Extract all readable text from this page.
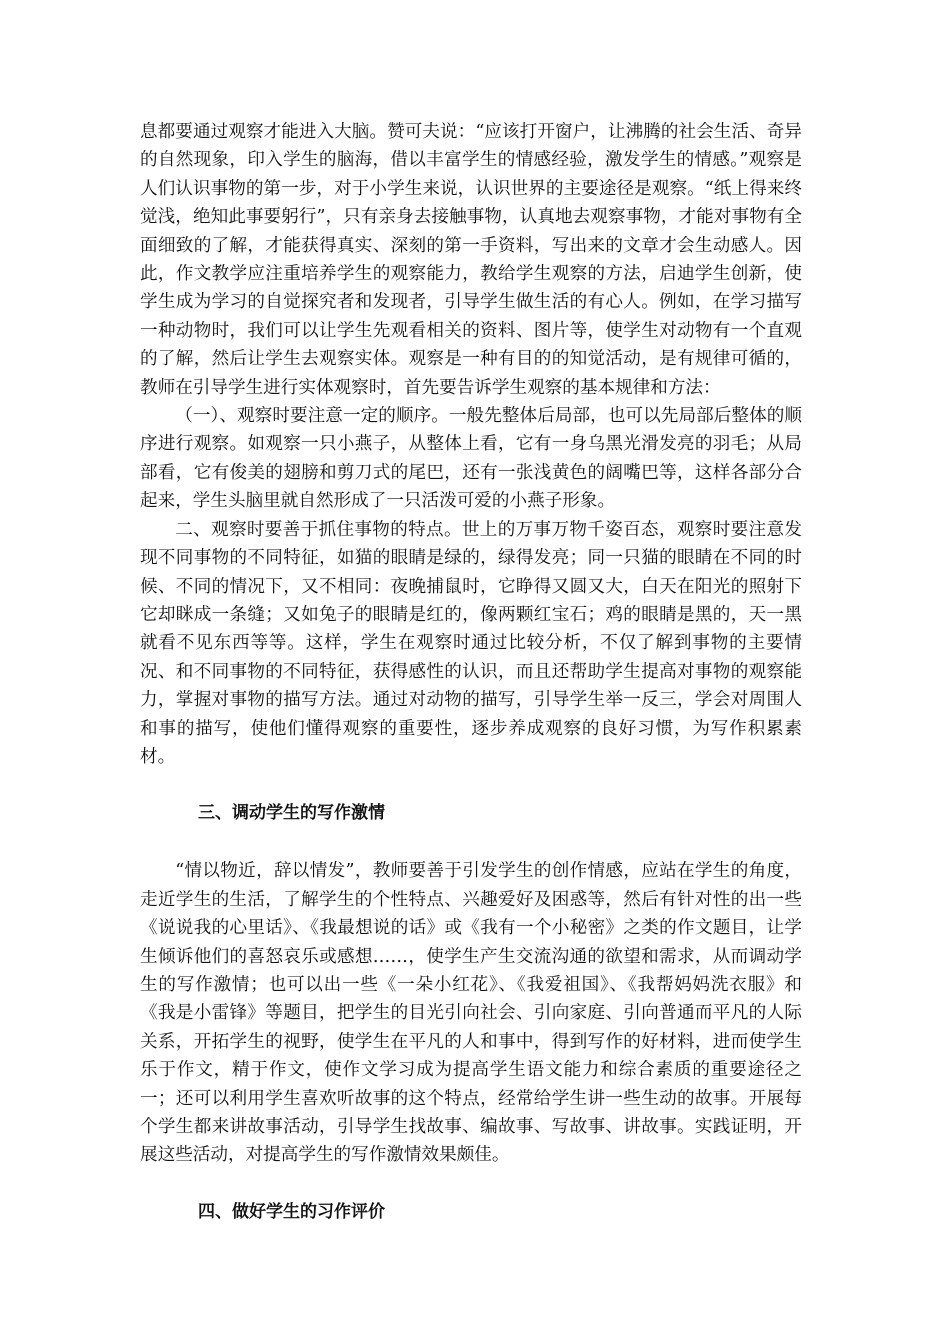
息都要通过观察才能进入大脑。赞可夫说：“应该打开窗户，让沸腾的社会生活、奇异的自然现象，印入学生的脑海，借以丰富学生的情感经验，激发学生的情感。”观察是人们认识事物的第一步，对于小学生来说，认识世界的主要途径是观察。“纸上得来终觉浅，绝知此事要躬行”，只有亲身去接触事物，认真地去观察事物，才能对事物有全面细致的了解，才能获得真实、深刻的第一手资料，写出来的文章才会生动感人。因此，作文教学应注重培养学生的观察能力，教给学生观察的方法，启迪学生创新，使学生成为学习的自觉探究者和发现者，引导学生做生活的有心人。例如，在学习描写一种动物时，我们可以让学生先观看相关的资料、图片等，使学生对动物有一个直观的了解，然后让学生去观察实体。观察是一种有目的的知觉活动，是有规律可循的，教师在引导学生进行实体观察时，首先要告诉学生观察的基本规律和方法：

（一）、观察时要注意一定的顺序。一般先整体后局部，也可以先局部后整体的顺序进行观察。如观察一只小燕子，从整体上看，它有一身乌黑光滑发亮的羽毛；从局部看，它有俊美的翅膀和剪刀式的尾巴，还有一张浅黄色的阔嘴巴等，这样各部分合起来，学生头脑里就自然形成了一只活泼可爱的小燕子形象。

二、观察时要善于抓住事物的特点。世上的万事万物千姿百态，观察时要注意发现不同事物的不同特征，如猫的眼睛是绿的，绿得发亮；同一只猫的眼睛在不同的时候、不同的情况下，又不相同：夜晚捕鼠时，它睁得又圆又大，白天在阳光的照射下它却眯成一条缝；又如兔子的眼睛是红的，像两颗红宝石；鸡的眼睛是黑的，天一黑就看不见东西等等。这样，学生在观察时通过比较分析，不仅了解到事物的主要情况、和不同事物的不同特征，获得感性的认识，而且还帮助学生提高对事物的观察能力，掌握对事物的描写方法。通过对动物的描写，引导学生举一反三，学会对周围人和事的描写，使他们懂得观察的重要性，逐步养成观察的良好习惯，为写作积累素材。

三、调动学生的写作激情

“情以物近，辞以情发”，教师要善于引发学生的创作情感，应站在学生的角度，走近学生的生活，了解学生的个性特点、兴趣爱好及困惑等，然后有针对性的出一些《说说我的心里话》、《我最想说的话》或《我有一个小秘密》之类的作文题目，让学生倾诉他们的喜怒哀乐或感想……，使学生产生交流沟通的欲望和需求，从而调动学生的写作激情；也可以出一些《一朵小红花》、《我爱祖国》、《我帮妈妈洗衣服》和《我是小雷锋》等题目，把学生的目光引向社会、引向家庭、引向普通而平凡的人际关系，开拓学生的视野，使学生在平凡的人和事中，得到写作的好材料，进而使学生乐于作文，精于作文，使作文学习成为提高学生语文能力和综合素质的重要途径之一；还可以利用学生喜欢听故事的这个特点，经常给学生讲一些生动的故事。开展每个学生都来讲故事活动，引导学生找故事、编故事、写故事、讲故事。实践证明，开展这些活动，对提高学生的写作激情效果颇佳。

四、做好学生的习作评价
